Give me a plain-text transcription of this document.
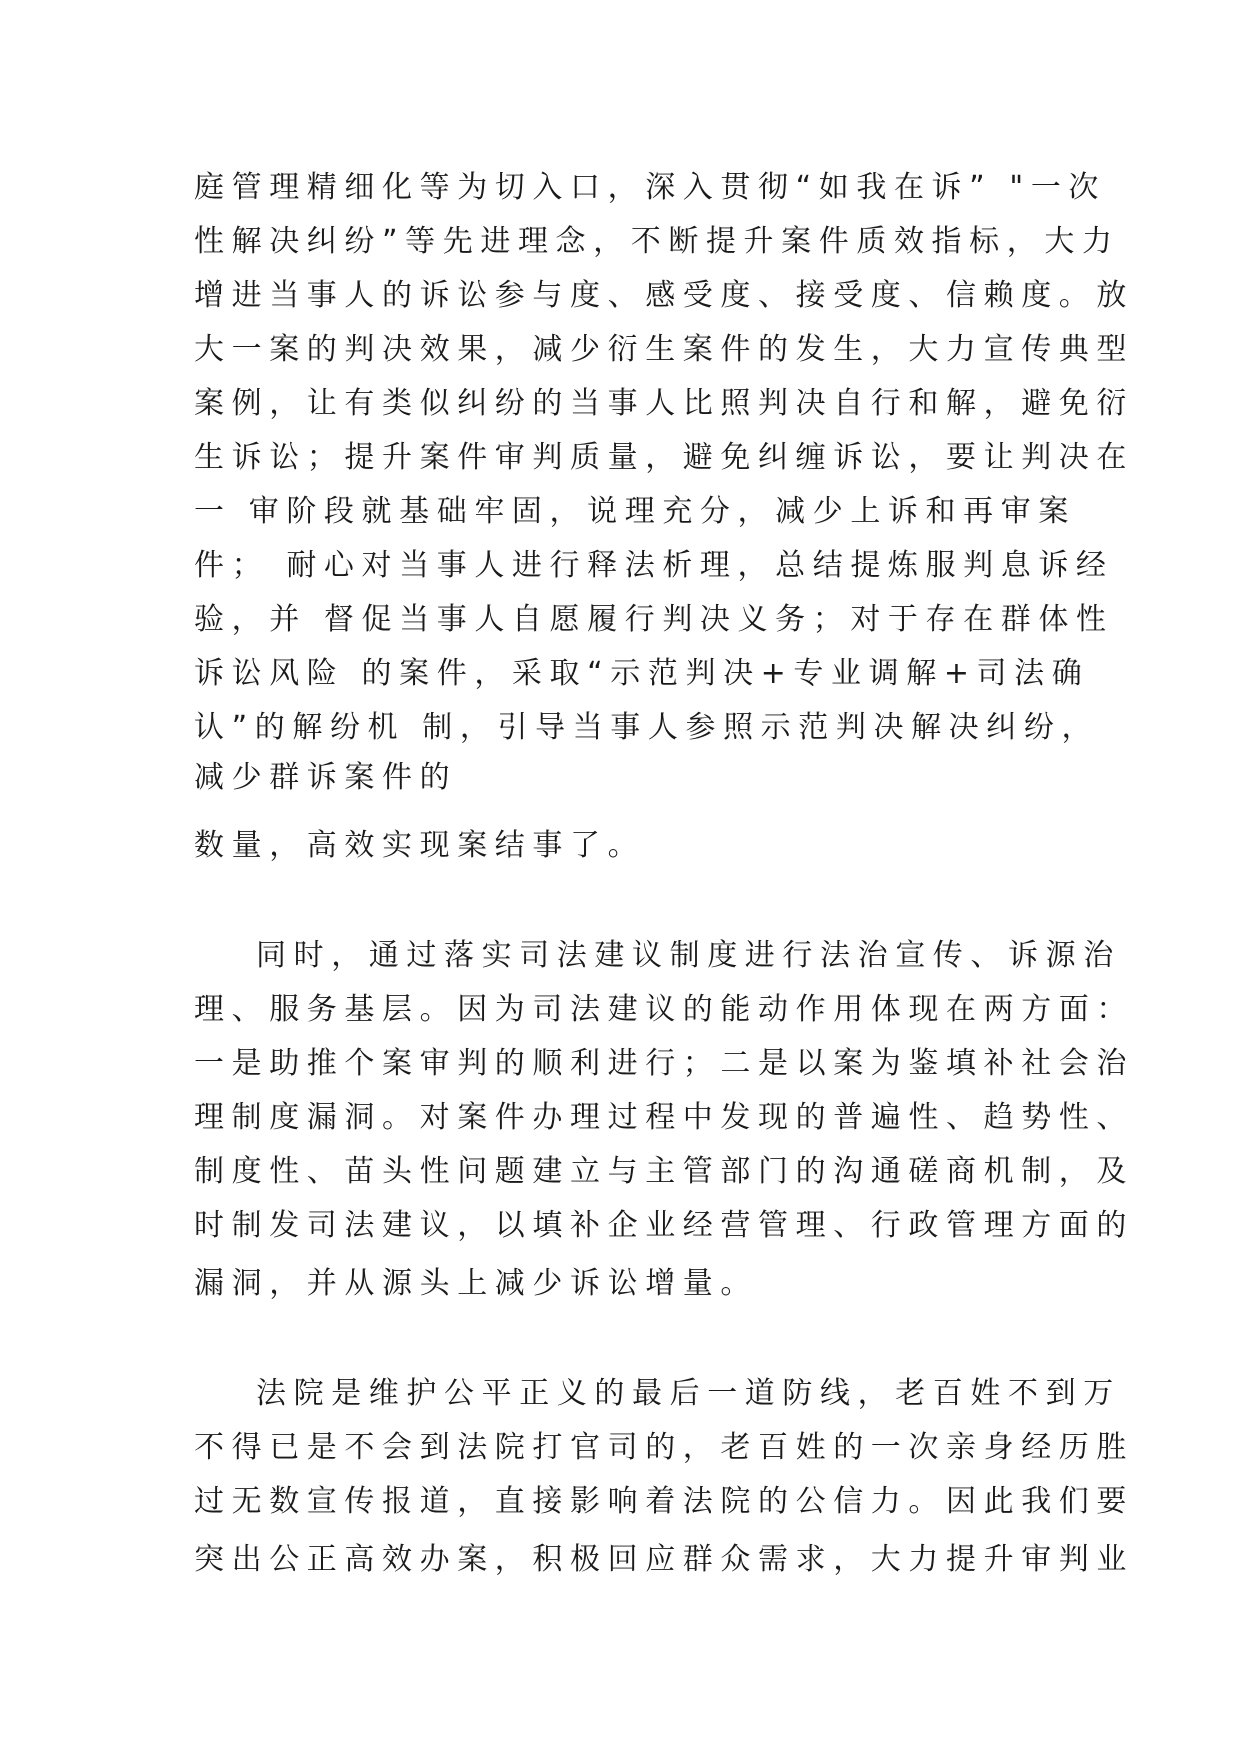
庭管理精细化等为切入口，深入贯彻“如我在诉” "一次

性解决纠纷”等先进理念，不断提升案件质效指标，大力

增进当事人的诉讼参与度、感受度、接受度、信赖度。放

大一案的判决效果，减少衍生案件的发生，大力宣传典型

案例，让有类似纠纷的当事人比照判决自行和解，避免衍

生诉讼；提升案件审判质量，避免纠缠诉讼，要让判决在

一 审阶段就基础牢固，说理充分，减少上诉和再审案

件； 耐心对当事人进行释法析理，总结提炼服判息诉经

验，并 督促当事人自愿履行判决义务；对于存在群体性

诉讼风险 的案件，采取“示范判决+专业调解+司法确

认”的解纷机 制，引导当事人参照示范判决解决纠纷，

减少群诉案件的

数量，高效实现案结事了。

同时，通过落实司法建议制度进行法治宣传、诉源治

理、服务基层。因为司法建议的能动作用体现在两方面：

一是助推个案审判的顺利进行；二是以案为鉴填补社会治

理制度漏洞。对案件办理过程中发现的普遍性、趋势性、

制度性、苗头性问题建立与主管部门的沟通磋商机制，及

时制发司法建议，以填补企业经营管理、行政管理方面的

漏洞，并从源头上减少诉讼增量。

法院是维护公平正义的最后一道防线，老百姓不到万

不得已是不会到法院打官司的，老百姓的一次亲身经历胜

过无数宣传报道，直接影响着法院的公信力。因此我们要

突出公正高效办案，积极回应群众需求，大力提升审判业
